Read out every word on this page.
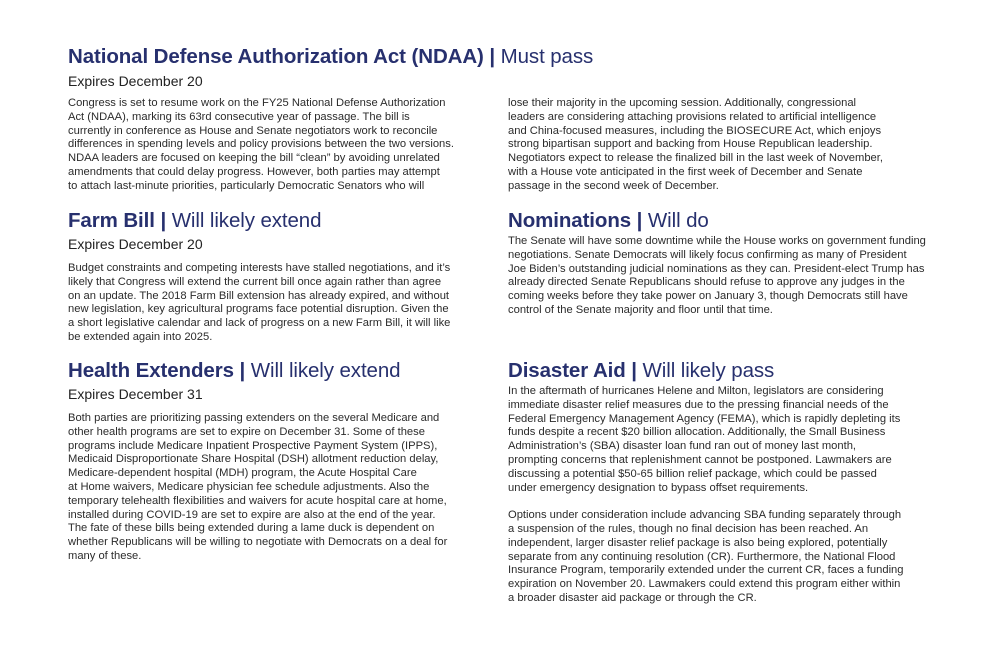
National Defense Authorization Act (NDAA) | Must pass

Expires December 20

Congress is set to resume work on the FY25 National Defense Authorization
Act (NDAA), marking its 63rd consecutive year of passage. The bill is
currently in conference as House and Senate negotiators work to reconcile
differences in spending levels and policy provisions between the two versions.
NDAA leaders are focused on keeping the bill “clean” by avoiding unrelated
amendments that could delay progress. However, both parties may attempt
to attach last-minute priorities, particularly Democratic Senators who will
lose their majority in the upcoming session. Additionally, congressional
leaders are considering attaching provisions related to artificial intelligence
and China-focused measures, including the BIOSECURE Act, which enjoys
strong bipartisan support and backing from House Republican leadership.
Negotiators expect to release the finalized bill in the last week of November,
with a House vote anticipated in the first week of December and Senate
passage in the second week of December.
Farm Bill | Will likely extend

Expires December 20

Budget constraints and competing interests have stalled negotiations, and it’s
likely that Congress will extend the current bill once again rather than agree
on an update. The 2018 Farm Bill extension has already expired, and without
new legislation, key agricultural programs face potential disruption. Given the
a short legislative calendar and lack of progress on a new Farm Bill, it will like
be extended again into 2025.
Nominations | Will do
The Senate will have some downtime while the House works on government funding
negotiations. Senate Democrats will likely focus confirming as many of President
Joe Biden’s outstanding judicial nominations as they can. President-elect Trump has
already directed Senate Republicans should refuse to approve any judges in the
coming weeks before they take power on January 3, though Democrats still have
control of the Senate majority and floor until that time.
Health Extenders | Will likely extend

Expires December 31

Both parties are prioritizing passing extenders on the several Medicare and
other health programs are set to expire on December 31. Some of these
programs include Medicare Inpatient Prospective Payment System (IPPS),
Medicaid Disproportionate Share Hospital (DSH) allotment reduction delay,
Medicare-dependent hospital (MDH) program, the Acute Hospital Care
at Home waivers, Medicare physician fee schedule adjustments. Also the
temporary telehealth flexibilities and waivers for acute hospital care at home,
installed during COVID-19 are set to expire are also at the end of the year.
The fate of these bills being extended during a lame duck is dependent on
whether Republicans will be willing to negotiate with Democrats on a deal for
many of these.
Disaster Aid | Will likely pass
In the aftermath of hurricanes Helene and Milton, legislators are considering
immediate disaster relief measures due to the pressing financial needs of the
Federal Emergency Management Agency (FEMA), which is rapidly depleting its
funds despite a recent $20 billion allocation. Additionally, the Small Business
Administration’s (SBA) disaster loan fund ran out of money last month,
prompting concerns that replenishment cannot be postponed. Lawmakers are
discussing a potential $50-65 billion relief package, which could be passed
under emergency designation to bypass offset requirements.
Options under consideration include advancing SBA funding separately through
a suspension of the rules, though no final decision has been reached. An
independent, larger disaster relief package is also being explored, potentially
separate from any continuing resolution (CR). Furthermore, the National Flood
Insurance Program, temporarily extended under the current CR, faces a funding
expiration on November 20. Lawmakers could extend this program either within
a broader disaster aid package or through the CR.
